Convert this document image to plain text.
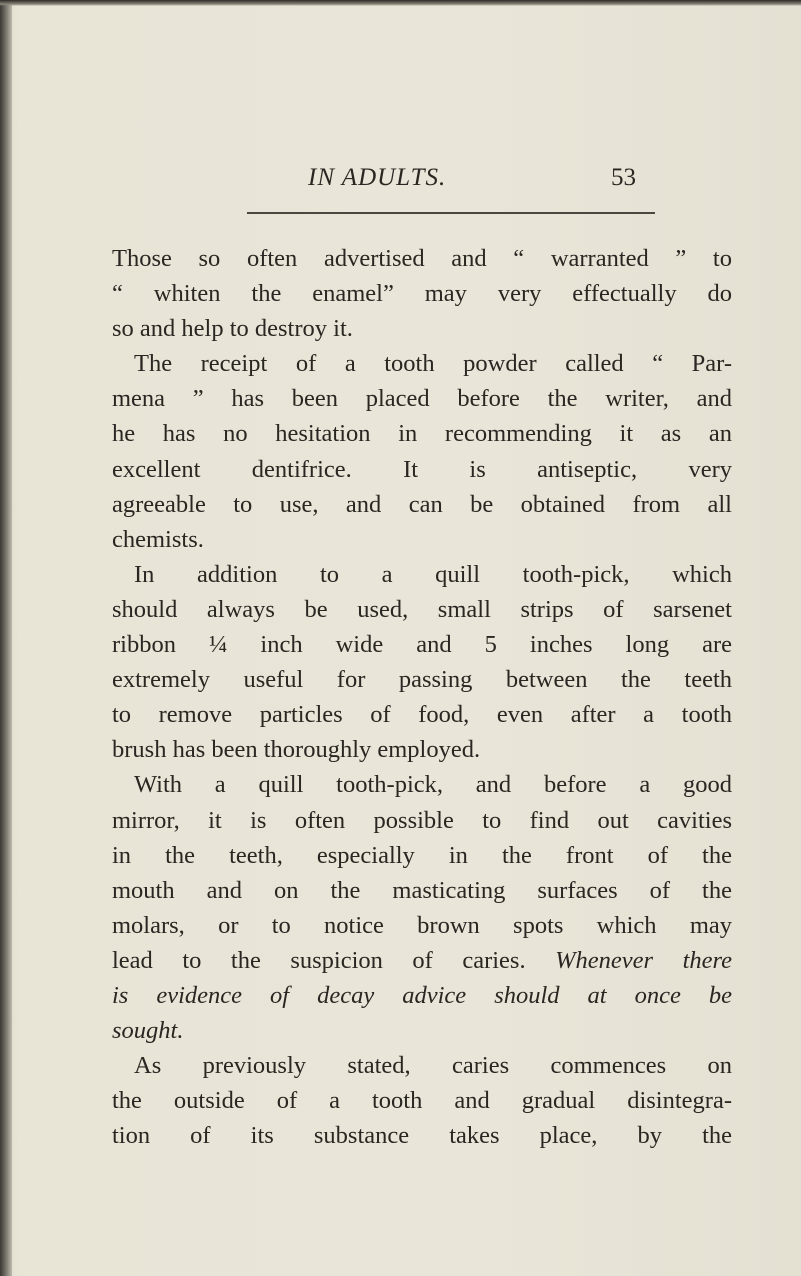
IN ADULTS.	53
Those so often advertised and “ warranted ” to
“ whiten the enamel” may very effectually do
so and help to destroy it.
The receipt of a tooth powder called “ Par-
mena ” has been placed before the writer, and
he has no hesitation in recommending it as an
excellent dentifrice. It is antiseptic, very
agreeable to use, and can be obtained from all
chemists.
In addition to a quill tooth-pick, which
should always be used, small strips of sarsenet
ribbon ¼ inch wide and 5 inches long are
extremely useful for passing between the teeth
to remove particles of food, even after a tooth
brush has been thoroughly employed.
With a quill tooth-pick, and before a good
mirror, it is often possible to find out cavities
in the teeth, especially in the front of the
mouth and on the masticating surfaces of the
molars, or to notice brown spots which may
lead to the suspicion of caries. Whenever there
is evidence of decay advice should at once be
sought.
As previously stated, caries commences on
the outside of a tooth and gradual disintegra-
tion of its substance takes place, by the
